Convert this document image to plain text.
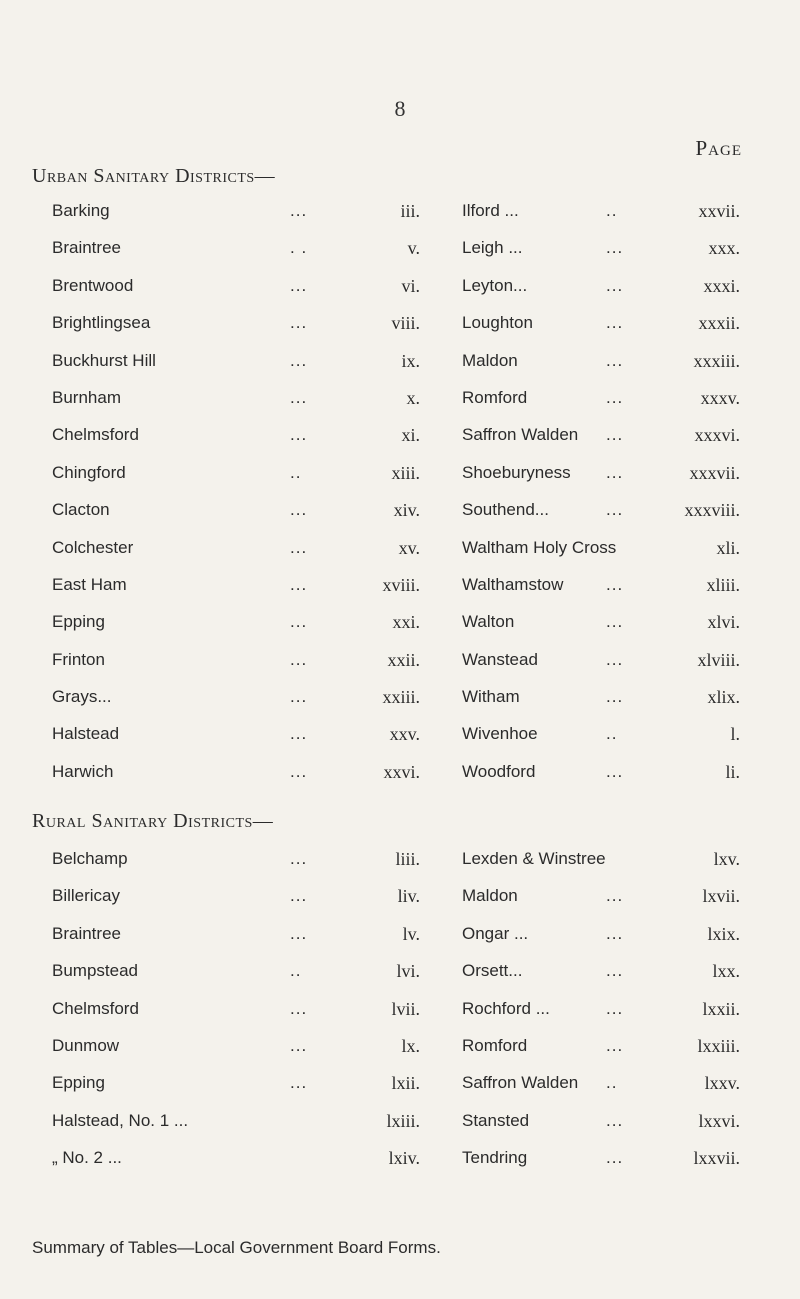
8
Page
Urban Sanitary Districts—
Barking	...	iii. Ilford ...	..	xxvii.
Braintree	. .	v. Leigh ...	...	xxx.
Brentwood	...	vi. Leyton...	...	xxxi.
Brightlingsea	...	viii. Loughton	...	xxxii.
Buckhurst Hill	...	ix. Maldon	...	xxxiii.
Burnham	...	x. Romford	...	xxxv.
Chelmsford	...	xi. Saffron Walden ...	xxxvi.
Chingford	..	xiii. Shoeburyness ...	xxxvii.
Clacton	...	xiv. Southend...	...	xxxviii.
Colchester	...	xv. Waltham Holy Cross	xli.
East Ham	...	xviii. Walthamstow	...	xliii.
Epping	...	xxi. Walton	...	xlvi.
Frinton	...	xxii. Wanstead	...	xlviii.
Grays...	...	xxiii. Witham	...	xlix.
Halstead	...	xxv. Wivenhoe	..	l.
Harwich	...	xxvi. Woodford	...	li.
Rural Sanitary Districts—
Belchamp	...	liii. Lexden & Winstree	lxv.
Billericay	...	liv. Maldon	...	lxvii.
Braintree	...	lv. Ongar ...	...	lxix.
Bumpstead	..	lvi. Orsett...	...	lxx.
Chelmsford	...	lvii. Rochford ...	...	lxxii.
Dunmow	...	lx. Romford	...	lxxiii.
Epping	...	lxii. Saffron Walden ..	lxxv.
Halstead, No. 1 ...	lxiii. Stansted	...	lxxvi.
„ No. 2 ...	lxiv. Tendring	...	lxxvii.
Summary of Tables—Local Government Board Forms.
